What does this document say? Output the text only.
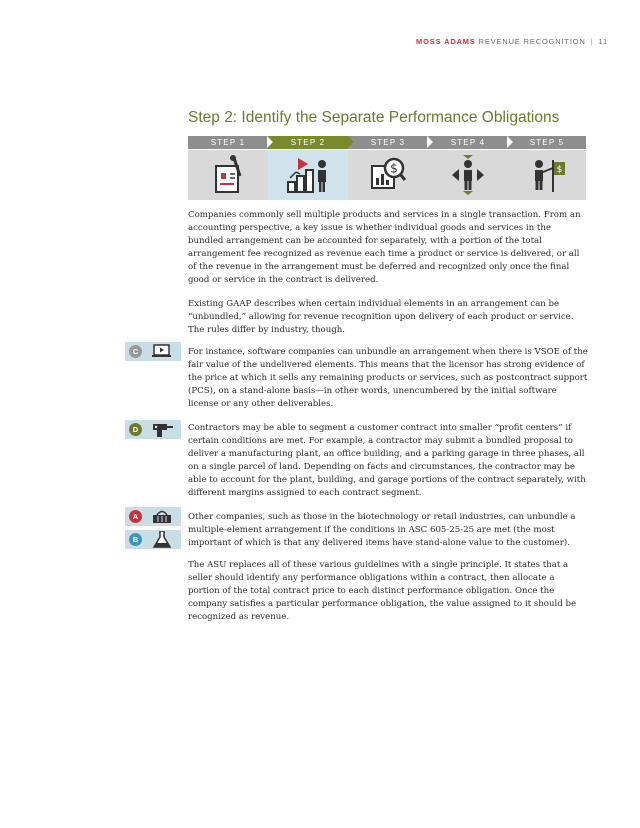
MOSS ADAMS REVENUE RECOGNITION | 11
Step 2: Identify the Separate Performance Obligations
STEP 1	STEP 2	STEP 3	STEP 4	STEP 5
$	$

Companies commonly sell multiple products and services in a single transaction. From an accounting perspective, a key issue is whether individual goods and services in the bundled arrangement can be accounted for separately, with a portion of the total arrangement fee recognized as revenue each time a product or service is delivered, or all of the revenue in the arrangement must be deferred and recognized only once the final good or service in the contract is delivered.

Existing GAAP describes when certain individual elements in an arrangement can be “unbundled,” allowing for revenue recognition upon delivery of each product or service. The rules differ by industry, though.

For instance, software companies can unbundle an arrangement when there is VSOE of the fair value of the undelivered elements. This means that the licensor has strong evidence of the price at which it sells any remaining products or services, such as postcontract support (PCS), on a stand-alone basis—in other words, unencumbered by the initial software license or any other deliverables.

Contractors may be able to segment a customer contract into smaller “profit centers” if certain conditions are met. For example, a contractor may submit a bundled proposal to deliver a manufacturing plant, an office building, and a parking garage in three phases, all on a single parcel of land. Depending on facts and circumstances, the contractor may be able to account for the plant, building, and garage portions of the contract separately, with different margins assigned to each contract segment.

Other companies, such as those in the biotechnology or retail industries, can unbundle a multiple-element arrangement if the conditions in ASC 605-25-25 are met (the most important of which is that any delivered items have stand-alone value to the customer).

The ASU replaces all of these various guidelines with a single principle. It states that a seller should identify any performance obligations within a contract, then allocate a portion of the total contract price to each distinct performance obligation. Once the company satisfies a particular performance obligation, the value assigned to it should be recognized as revenue.

C
D
A
B
